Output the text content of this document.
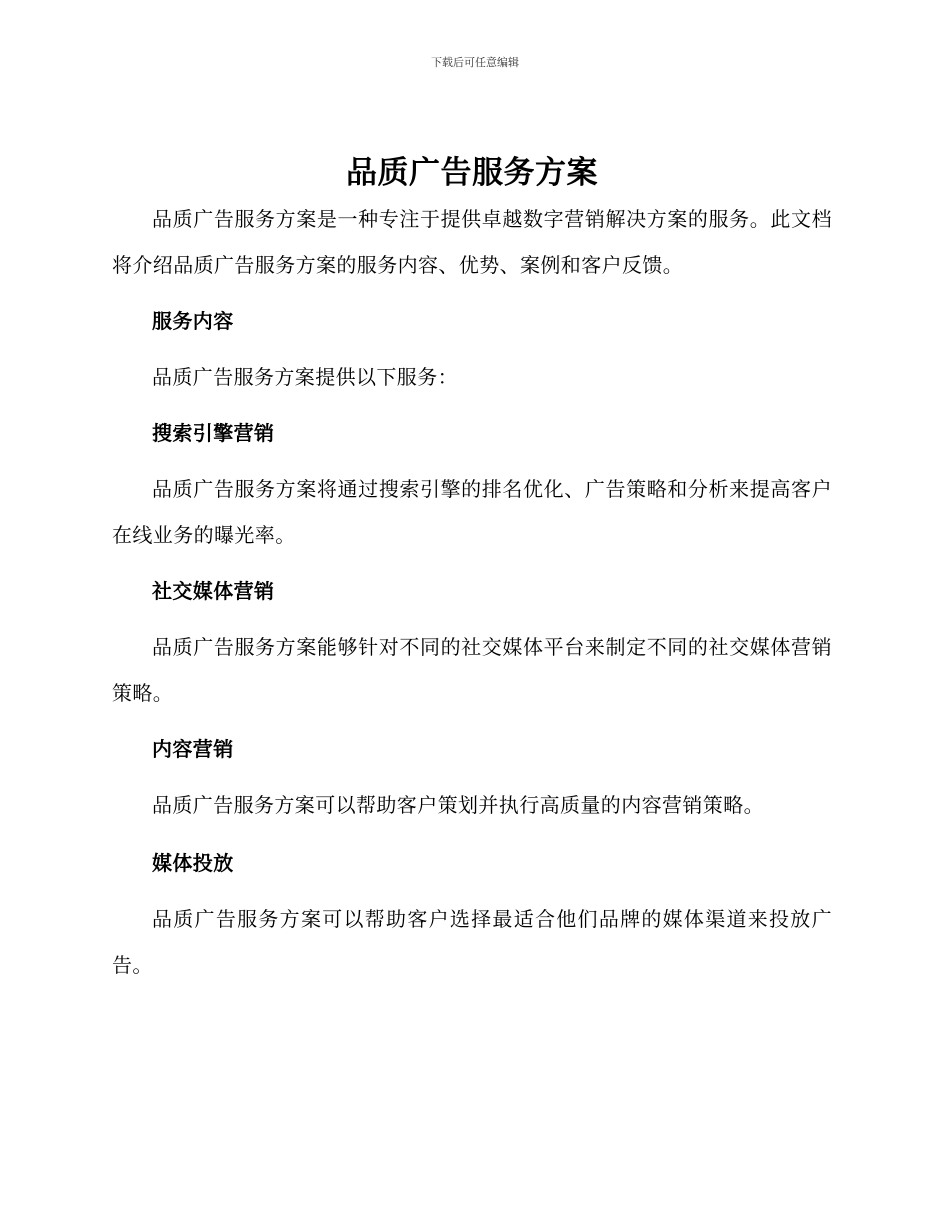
下载后可任意编辑
品质广告服务方案

品质广告服务方案是一种专注于提供卓越数字营销解决方案的服务。此文档将介绍品质广告服务方案的服务内容、优势、案例和客户反馈。

服务内容

品质广告服务方案提供以下服务：

搜索引擎营销

品质广告服务方案将通过搜索引擎的排名优化、广告策略和分析来提高客户在线业务的曝光率。

社交媒体营销

品质广告服务方案能够针对不同的社交媒体平台来制定不同的社交媒体营销策略。

内容营销

品质广告服务方案可以帮助客户策划并执行高质量的内容营销策略。

媒体投放

品质广告服务方案可以帮助客户选择最适合他们品牌的媒体渠道来投放广告。
